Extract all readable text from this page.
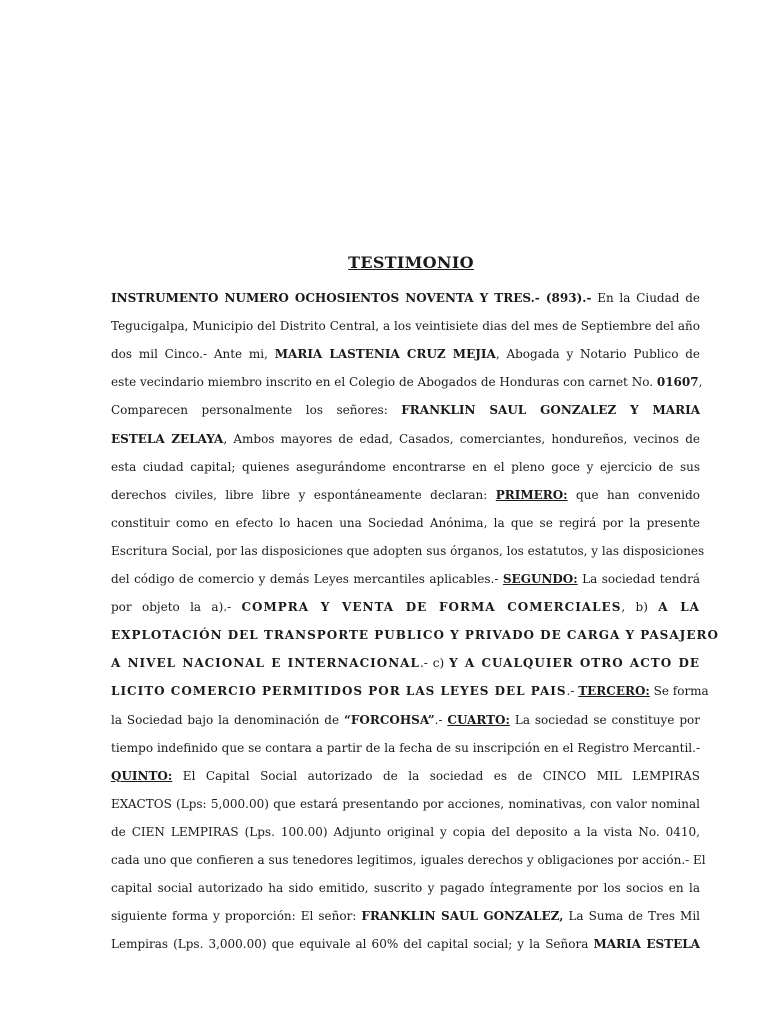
TESTIMONIO
INSTRUMENTO NUMERO OCHOSIENTOS NOVENTA Y TRES.- (893).- En la Ciudad de
Tegucigalpa, Municipio del Distrito Central, a los veintisiete dias del mes de Septiembre del año
dos mil Cinco.- Ante mi, MARIA LASTENIA CRUZ MEJIA, Abogada y Notario Publico de
este vecindario miembro inscrito en el Colegio de Abogados de Honduras con carnet No. 01607,
Comparecen personalmente los señores: FRANKLIN SAUL GONZALEZ Y MARIA
ESTELA ZELAYA, Ambos mayores de edad, Casados, comerciantes, hondureños, vecinos de
esta ciudad capital; quienes asegurándome encontrarse en el pleno goce y ejercicio de sus
derechos civiles, libre libre y espontáneamente declaran: PRIMERO: que han convenido
constituir como en efecto lo hacen una Sociedad Anónima, la que se regirá por la presente
Escritura Social, por las disposiciones que adopten sus órganos, los estatutos, y las disposiciones
del código de comercio y demás Leyes mercantiles aplicables.- SEGUNDO: La sociedad tendrá
por objeto la a).- COMPRA Y VENTA DE FORMA COMERCIALES, b) A LA
EXPLOTACIÓN DEL TRANSPORTE PUBLICO Y PRIVADO DE CARGA Y PASAJERO
A NIVEL NACIONAL E INTERNACIONAL.- c) Y A CUALQUIER OTRO ACTO DE
LICITO COMERCIO PERMITIDOS POR LAS LEYES DEL PAIS.- TERCERO: Se forma
la Sociedad bajo la denominación de “FORCOHSA”.- CUARTO: La sociedad se constituye por
tiempo indefinido que se contara a partir de la fecha de su inscripción en el Registro Mercantil.-
QUINTO: El Capital Social autorizado de la sociedad es de CINCO MIL LEMPIRAS
EXACTOS (Lps: 5,000.00) que estará presentando por acciones, nominativas, con valor nominal
de CIEN LEMPIRAS (Lps. 100.00) Adjunto original y copia del deposito a la vista No. 0410,
cada uno que confieren a sus tenedores legitimos, iguales derechos y obligaciones por acción.- El
capital social autorizado ha sido emitido, suscrito y pagado íntegramente por los socios en la
siguiente forma y proporción: El señor: FRANKLIN SAUL GONZALEZ, La Suma de Tres Mil
Lempiras (Lps. 3,000.00) que equivale al 60% del capital social; y la Señora MARIA ESTELA
